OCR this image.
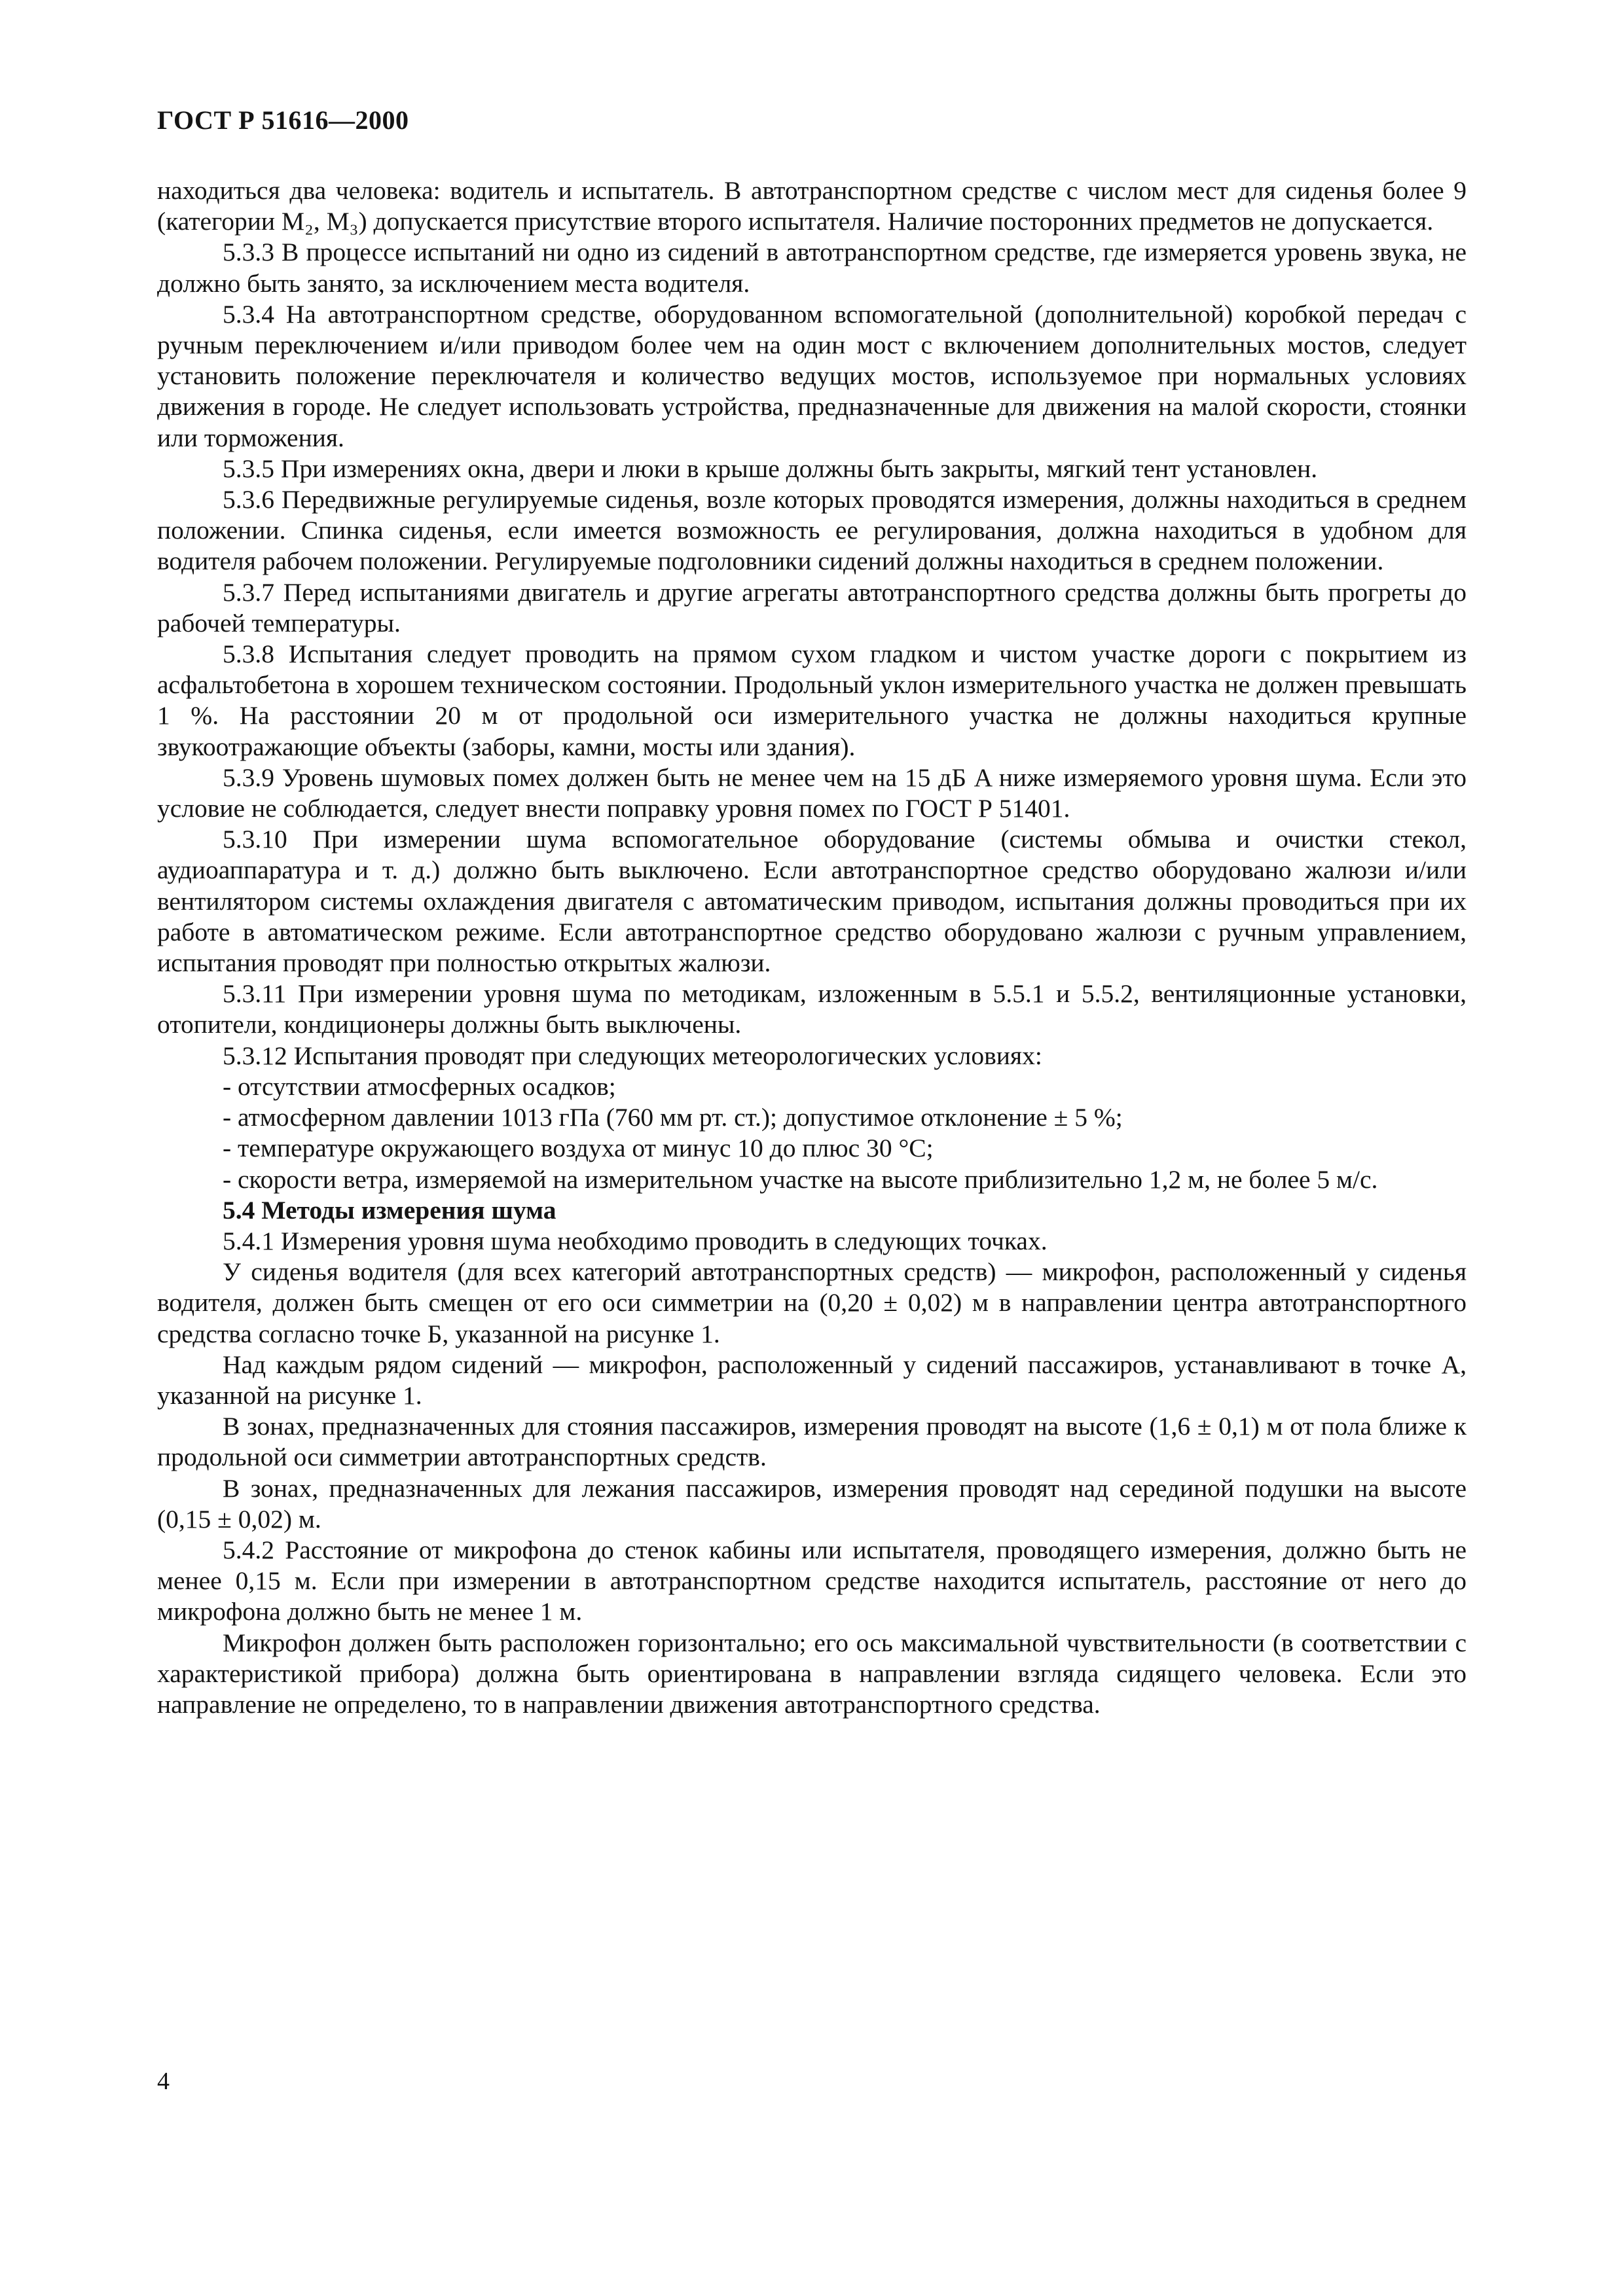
ГОСТ Р 51616—2000

находиться два человека: водитель и испытатель. В автотранспортном средстве с числом мест для сиденья более 9 (категории М₂, М₃) допускается присутствие второго испытателя. Наличие посторонних предметов не допускается.

5.3.3 В процессе испытаний ни одно из сидений в автотранспортном средстве, где измеряется уровень звука, не должно быть занято, за исключением места водителя.

5.3.4 На автотранспортном средстве, оборудованном вспомогательной (дополнительной) коробкой передач с ручным переключением и/или приводом более чем на один мост с включением дополнительных мостов, следует установить положение переключателя и количество ведущих мостов, используемое при нормальных условиях движения в городе. Не следует использовать устройства, предназначенные для движения на малой скорости, стоянки или торможения.

5.3.5 При измерениях окна, двери и люки в крыше должны быть закрыты, мягкий тент установлен.

5.3.6 Передвижные регулируемые сиденья, возле которых проводятся измерения, должны находиться в среднем положении. Спинка сиденья, если имеется возможность ее регулирования, должна находиться в удобном для водителя рабочем положении. Регулируемые подголовники сидений должны находиться в среднем положении.

5.3.7 Перед испытаниями двигатель и другие агрегаты автотранспортного средства должны быть прогреты до рабочей температуры.

5.3.8 Испытания следует проводить на прямом сухом гладком и чистом участке дороги с покрытием из асфальтобетона в хорошем техническом состоянии. Продольный уклон измерительного участка не должен превышать 1 %. На расстоянии 20 м от продольной оси измерительного участка не должны находиться крупные звукоотражающие объекты (заборы, камни, мосты или здания).

5.3.9 Уровень шумовых помех должен быть не менее чем на 15 дБ A ниже измеряемого уровня шума. Если это условие не соблюдается, следует внести поправку уровня помех по ГОСТ Р 51401.

5.3.10 При измерении шума вспомогательное оборудование (системы обмыва и очистки стекол, аудиоаппаратура и т. д.) должно быть выключено. Если автотранспортное средство оборудовано жалюзи и/или вентилятором системы охлаждения двигателя с автоматическим приводом, испытания должны проводиться при их работе в автоматическом режиме. Если автотранспортное средство оборудовано жалюзи с ручным управлением, испытания проводят при полностью открытых жалюзи.

5.3.11 При измерении уровня шума по методикам, изложенным в 5.5.1 и 5.5.2, вентиляционные установки, отопители, кондиционеры должны быть выключены.

5.3.12 Испытания проводят при следующих метеорологических условиях:

- отсутствии атмосферных осадков;

- атмосферном давлении 1013 гПа (760 мм рт. ст.); допустимое отклонение ± 5 %;

- температуре окружающего воздуха от минус 10 до плюс 30 °С;

- скорости ветра, измеряемой на измерительном участке на высоте приблизительно 1,2 м, не более 5 м/с.

5.4 Методы измерения шума

5.4.1 Измерения уровня шума необходимо проводить в следующих точках.

У сиденья водителя (для всех категорий автотранспортных средств) — микрофон, расположенный у сиденья водителя, должен быть смещен от его оси симметрии на (0,20 ± 0,02) м в направлении центра автотранспортного средства согласно точке Б, указанной на рисунке 1.

Над каждым рядом сидений — микрофон, расположенный у сидений пассажиров, устанавливают в точке А, указанной на рисунке 1.

В зонах, предназначенных для стояния пассажиров, измерения проводят на высоте (1,6 ± 0,1) м от пола ближе к продольной оси симметрии автотранспортных средств.

В зонах, предназначенных для лежания пассажиров, измерения проводят над серединой подушки на высоте (0,15 ± 0,02) м.

5.4.2 Расстояние от микрофона до стенок кабины или испытателя, проводящего измерения, должно быть не менее 0,15 м. Если при измерении в автотранспортном средстве находится испытатель, расстояние от него до микрофона должно быть не менее 1 м.

Микрофон должен быть расположен горизонтально; его ось максимальной чувствительности (в соответствии с характеристикой прибора) должна быть ориентирована в направлении взгляда сидящего человека. Если это направление не определено, то в направлении движения автотранспортного средства.

4
